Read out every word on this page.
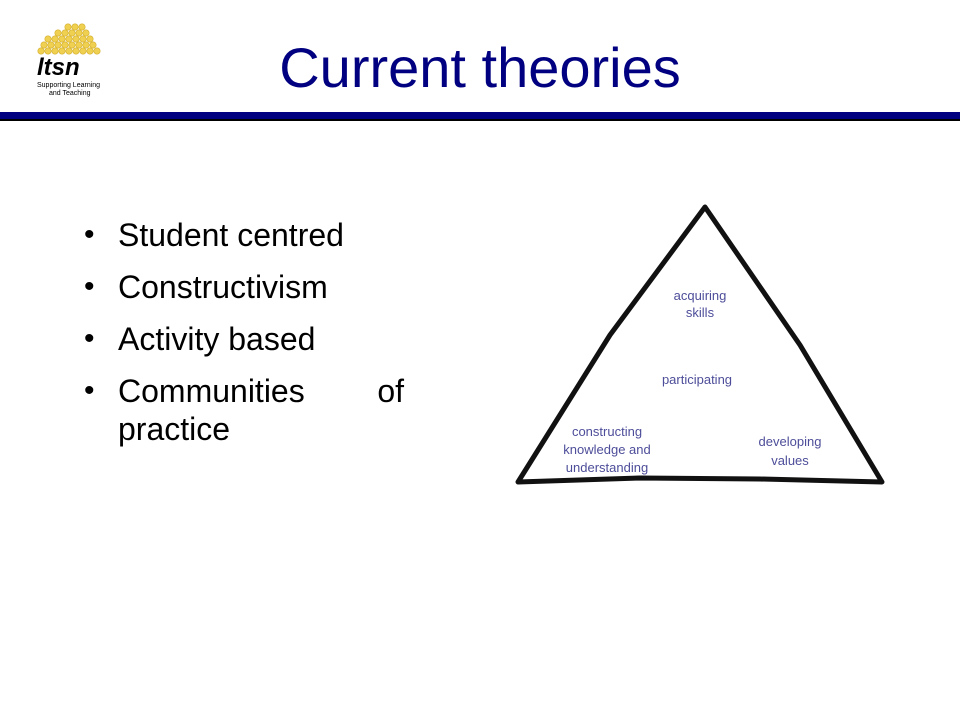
ltsn
Supporting Learning
and Teaching	Current theories
• Student centred
• Constructivism
• Activity based
• Communities of practice
acquiring
skills
participating
constructing
knowledge and
understanding
developing
values
